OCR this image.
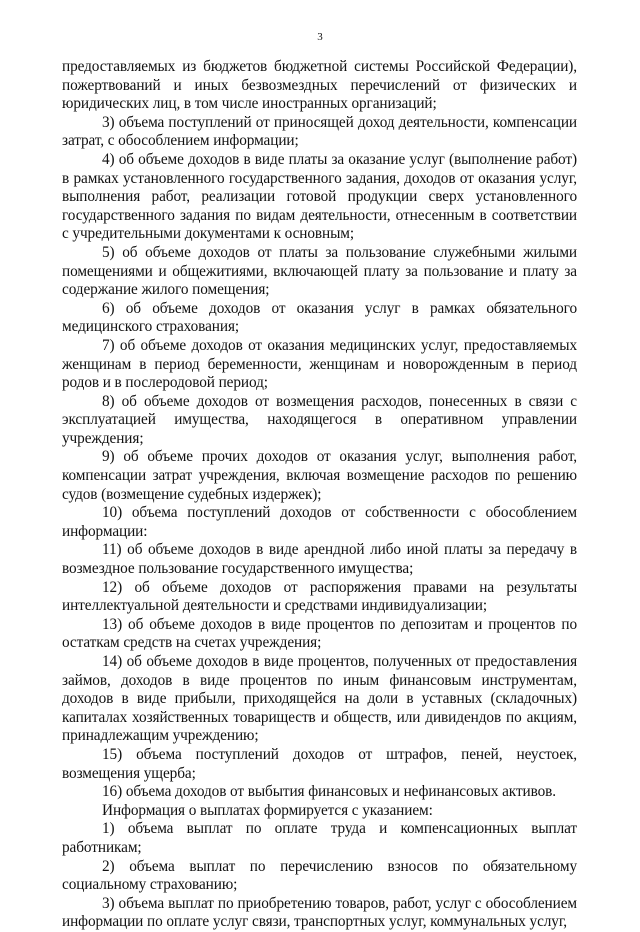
3

предоставляемых из бюджетов бюджетной системы Российской Федерации), пожертвований и иных безвозмездных перечислений от физических и юридических лиц, в том числе иностранных организаций;

3) объема поступлений от приносящей доход деятельности, компенсации затрат, с обособлением информации;

4) об объеме доходов в виде платы за оказание услуг (выполнение работ) в рамках установленного государственного задания, доходов от оказания услуг, выполнения работ, реализации готовой продукции сверх установленного государственного задания по видам деятельности, отнесенным в соответствии с учредительными документами к основным;

5) об объеме доходов от платы за пользование служебными жилыми помещениями и общежитиями, включающей плату за пользование и плату за содержание жилого помещения;

6) об объеме доходов от оказания услуг в рамках обязательного медицинского страхования;

7) об объеме доходов от оказания медицинских услуг, предоставляемых женщинам в период беременности, женщинам и новорожденным в период родов и в послеродовой период;

8) об объеме доходов от возмещения расходов, понесенных в связи с эксплуатацией имущества, находящегося в оперативном управлении учреждения;

9) об объеме прочих доходов от оказания услуг, выполнения работ, компенсации затрат учреждения, включая возмещение расходов по решению судов (возмещение судебных издержек);

10) объема поступлений доходов от собственности с обособлением информации:

11) об объеме доходов в виде арендной либо иной платы за передачу в возмездное пользование государственного имущества;

12) об объеме доходов от распоряжения правами на результаты интеллектуальной деятельности и средствами индивидуализации;

13) об объеме доходов в виде процентов по депозитам и процентов по остаткам средств на счетах учреждения;

14) об объеме доходов в виде процентов, полученных от предоставления займов, доходов в виде процентов по иным финансовым инструментам, доходов в виде прибыли, приходящейся на доли в уставных (складочных) капиталах хозяйственных товариществ и обществ, или дивидендов по акциям, принадлежащим учреждению;

15) объема поступлений доходов от штрафов, пеней, неустоек, возмещения ущерба;

16) объема доходов от выбытия финансовых и нефинансовых активов.

Информация о выплатах формируется с указанием:

1) объема выплат по оплате труда и компенсационных выплат работникам;

2) объема выплат по перечислению взносов по обязательному социальному страхованию;

3) объема выплат по приобретению товаров, работ, услуг с обособлением информации по оплате услуг связи, транспортных услуг, коммунальных услуг,
